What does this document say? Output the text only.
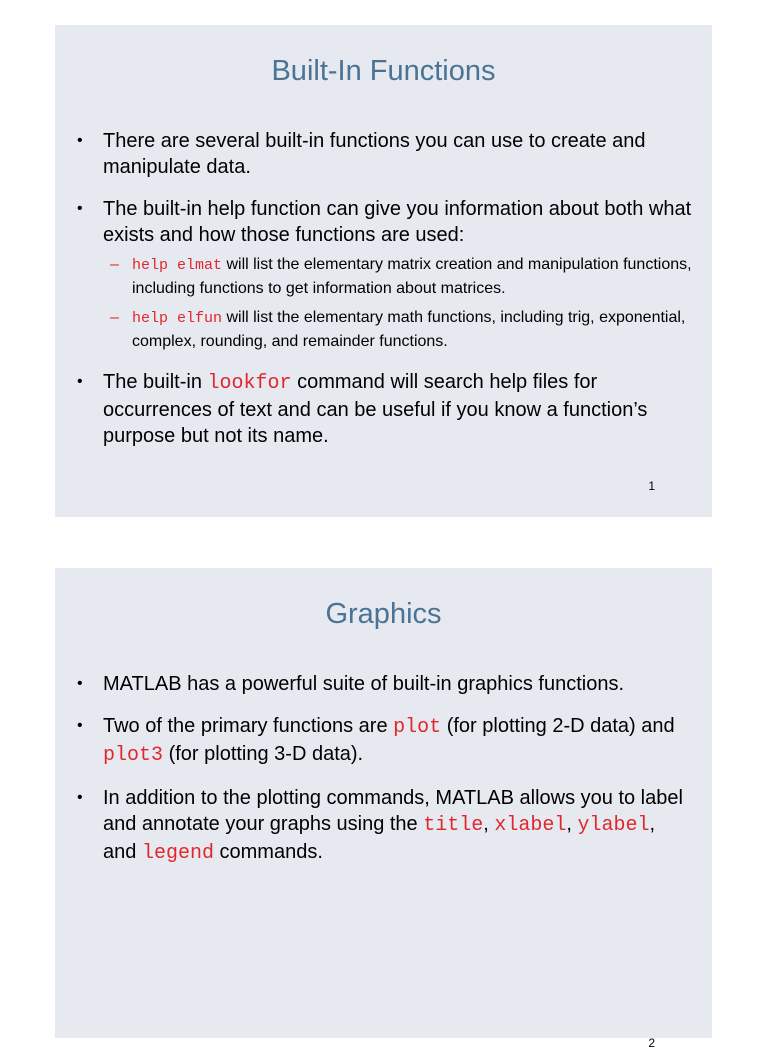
Built-In Functions
• There are several built-in functions you can use to create and manipulate data.
• The built-in help function can give you information about both what exists and how those functions are used:
– help elmat will list the elementary matrix creation and manipulation functions, including functions to get information about matrices.
– help elfun will list the elementary math functions, including trig, exponential, complex, rounding, and remainder functions.
• The built-in lookfor command will search help files for occurrences of text and can be useful if you know a function’s purpose but not its name.
1
Graphics
• MATLAB has a powerful suite of built-in graphics functions.
• Two of the primary functions are plot (for plotting 2-D data) and plot3 (for plotting 3-D data).
• In addition to the plotting commands, MATLAB allows you to label and annotate your graphs using the title, xlabel, ylabel, and legend commands.
2
